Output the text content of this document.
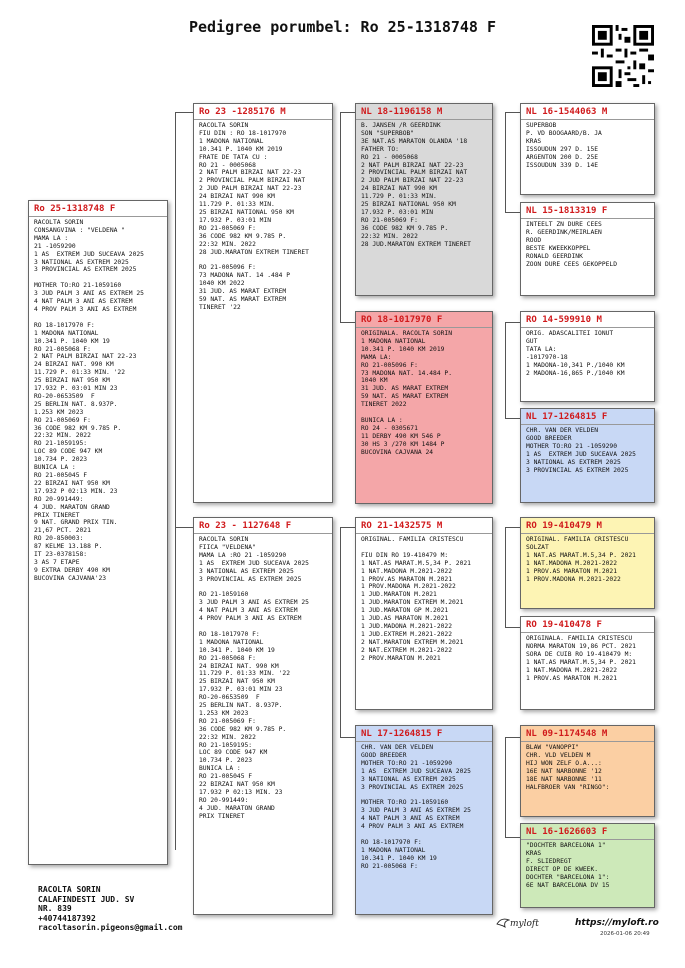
Pedigree porumbel: Ro 25-1318748 F
Ro 25-1318748 F
RACOLTA SORIN
CONSANGVINA : "VELDENA "
MAMA LA :
21 -1059290
1 AS  EXTREM JUD SUCEAVA 2025
3 NATIONAL AS EXTREM 2025
3 PROVINCIAL AS EXTREM 2025

MOTHER TO:RO 21-1059160
3 JUD PALM 3 ANI AS EXTREM 25
4 NAT PALM 3 ANI AS EXTREM
4 PROV PALM 3 ANI AS EXTREM

RO 18-1017970 F:
1 MADONA NATIONAL
10.341 P. 1040 KM 19
RO 21-005068 F:
2 NAT PALM BIRZAI NAT 22-23
24 BIRZAI NAT. 990 KM
11.729 P. 01:33 MIN. '22
25 BIRZAI NAT 950 KM
17.932 P. 03:01 MIN 23
RO-20-0653509  F
25 BERLIN NAT. 8.937P.
1.253 KM 2023
RO 21-005069 F:
36 CODE 982 KM 9.785 P.
22:32 MIN. 2022
RO 21-1059195:
LOC 89 CODE 947 KM
10.734 P. 2023
BUNICA LA :
RO 21-005045 F
22 BIRZAI NAT 950 KM
17.932 P 02:13 MIN. 23
RO 20-991449:
4 JUD. MARATON GRAND
PRIX TINERET
9 NAT. GRAND PRIX TIN.
21,67 PCT. 2021
RO 20-850003:
87 KELME 13.188 P.
IT 23-0378158:
3 AS 7 ETAPE
9 EXTRA DERBY 490 KM
BUCOVINA CAJVANA'23
Ro 23 -1285176 M
RACOLTA SORIN
FIU DIN : RO 18-1017970
1 MADONA NATIONAL
10.341 P. 1040 KM 2019
FRATE DE TATA CU :
RO 21 - 0005068
2 NAT PALM BIRZAI NAT 22-23
2 PROVINCIAL PALM BIRZAI NAT
2 JUD PALM BIRZAI NAT 22-23
24 BIRZAI NAT 990 KM
11.729 P. 01:33 MIN.
25 BIRZAI NATIONAL 950 KM
17.932 P. 03:01 MIN
RO 21-005069 F:
36 CODE 982 KM 9.785 P.
22:32 MIN. 2022
28 JUD.MARATON EXTREM TINERET

RO 21-005096 F:
73 MADONA NAT. 14 .484 P
1040 KM 2022
31 JUD. AS MARAT EXTREM
59 NAT. AS MARAT EXTREM
TINERET '22
Ro 23 - 1127648 F
RACOLTA SORIN
FIICA "VELDENA"
MAMA LA :RO 21 -1059290
1 AS  EXTREM JUD SUCEAVA 2025
3 NATIONAL AS EXTREM 2025
3 PROVINCIAL AS EXTREM 2025

RO 21-1059160
3 JUD PALM 3 ANI AS EXTREM 25
4 NAT PALM 3 ANI AS EXTREM
4 PROV PALM 3 ANI AS EXTREM

RO 18-1017970 F:
1 MADONA NATIONAL
10.341 P. 1040 KM 19
RO 21-005068 F:
24 BIRZAI NAT. 990 KM
11.729 P. 01:33 MIN. '22
25 BIRZAI NAT 950 KM
17.932 P. 03:01 MIN 23
RO-20-0653509  F
25 BERLIN NAT. 8.937P.
1.253 KM 2023
RO 21-005069 F:
36 CODE 982 KM 9.785 P.
22:32 MIN. 2022
RO 21-1059195:
LOC 89 CODE 947 KM
10.734 P. 2023
BUNICA LA :
RO 21-005045 F
22 BIRZAI NAT 950 KM
17.932 P 02:13 MIN. 23
RO 20-991449:
4 JUD. MARATON GRAND
PRIX TINERET
NL 18-1196158 M
B. JANSEN /R GEERDINK
SON "SUPERBOB"
3E NAT.AS MARATON OLANDA '18
FATHER TO:
RO 21 - 0005068
2 NAT PALM BIRZAI NAT 22-23
2 PROVINCIAL PALM BIRZAI NAT
2 JUD PALM BIRZAI NAT 22-23
24 BIRZAI NAT 990 KM
11.729 P. 01:33 MIN.
25 BIRZAI NATIONAL 950 KM
17.932 P. 03:01 MIN
RO 21-005069 F:
36 CODE 982 KM 9.785 P.
22:32 MIN. 2022
28 JUD.MARATON EXTREM TINERET
RO 18-1017970 F
ORIGINALA. RACOLTA SORIN
1 MADONA NATIONAL
10.341 P. 1040 KM 2019
MAMA LA:
RO 21-005096 F:
73 MADONA NAT. 14.484 P.
1040 KM
31 JUD. AS MARAT EXTREM
59 NAT. AS MARAT EXTREM
TINERET 2022

BUNICA LA :
RO 24 - 0305671
11 DERBY 490 KM 546 P
30 HS 3 /270 KM 1484 P
BUCOVINA CAJVANA 24
RO 21-1432575 M
ORIGINAL. FAMILIA CRISTESCU

FIU DIN RO 19-410479 M:
1 NAT.AS MARAT.M.5,34 P. 2021
1 NAT.MADONA M.2021-2022
1 PROV.AS MARATON M.2021
1 PROV.MADONA M.2021-2022
1 JUD.MARATON M.2021
1 JUD.MARATON EXTREM M.2021
1 JUD.MARATON GP M.2021
1 JUD.AS MARATON M.2021
1 JUD.MADONA M.2021-2022
1 JUD.EXTREM M.2021-2022
2 NAT.MARATON EXTREM M.2021
2 NAT.EXTREM M.2021-2022
2 PROV.MARATON M.2021
NL 17-1264815 F
CHR. VAN DER VELDEN
GOOD BREEDER
MOTHER TO:RO 21 -1059290
1 AS  EXTREM JUD SUCEAVA 2025
3 NATIONAL AS EXTREM 2025
3 PROVINCIAL AS EXTREM 2025

MOTHER TO:RO 21-1059160
3 JUD PALM 3 ANI AS EXTREM 25
4 NAT PALM 3 ANI AS EXTREM
4 PROV PALM 3 ANI AS EXTREM

RO 18-1017970 F:
1 MADONA NATIONAL
10.341 P. 1040 KM 19
RO 21-005068 F:
NL 16-1544063 M
SUPERBOB
P. VD BOOGAARD/B. JA
KRAS
ISSOUDUN 297 D. 15E
ARGENTON 200 D. 25E
ISSOUDUN 339 D. 14E
NL 15-1813319 F
INTEELT ZN DURE CEES
R. GEERDINK/MEIRLAEN
ROOD
BESTE KWEEKKOPPEL
RONALD GEERDINK
ZOON DURE CEES GEKOPPELD
RO 14-599910 M
ORIG. ADASCALITEI IONUT
GUT
TATA LA:
-1017970-18
1 MADONA-10,341 P./1040 KM
2 MADONA-16,865 P./1040 KM
NL 17-1264815 F
CHR. VAN DER VELDEN
GOOD BREEDER
MOTHER TO:RO 21 -1059290
1 AS  EXTREM JUD SUCEAVA 2025
3 NATIONAL AS EXTREM 2025
3 PROVINCIAL AS EXTREM 2025
RO 19-410479 M
ORIGINAL. FAMILIA CRISTESCU
SOLZAT
1 NAT.AS MARAT.M.5,34 P. 2021
1 NAT.MADONA M.2021-2022
1 PROV.AS MARATON M.2021
1 PROV.MADONA M.2021-2022
RO 19-410478 F
ORIGINALA. FAMILIA CRISTESCU
NORMA MARATON 19,86 PCT. 2021
SORA DE CUIB RO 19-410479 M:
1 NAT.AS MARAT.M.5,34 P. 2021
1 NAT.MADONA M.2021-2022
1 PROV.AS MARATON M.2021
NL 09-1174548 M
BLAW "VANOPPI"
CHR. VLD VELDEN M
HIJ WON ZELF O.A...:
16E NAT NARBONNE '12
18E NAT NARBONNE '11
HALFBROER VAN "RINGO":
NL 16-1626603 F
"DOCHTER BARCELONA 1"
KRAS
F. SLIEDREGT
DIRECT OP DE KWEEK.
DOCHTER "BARCELONA 1":
6E NAT BARCELONA DV 15
RACOLTA SORIN
CALAFINDESTI JUD. SV
NR. 839
+40744187392
racoltasorin.pigeons@gmail.com	myloft	https://myloft.ro
2026-01-06 20:49
